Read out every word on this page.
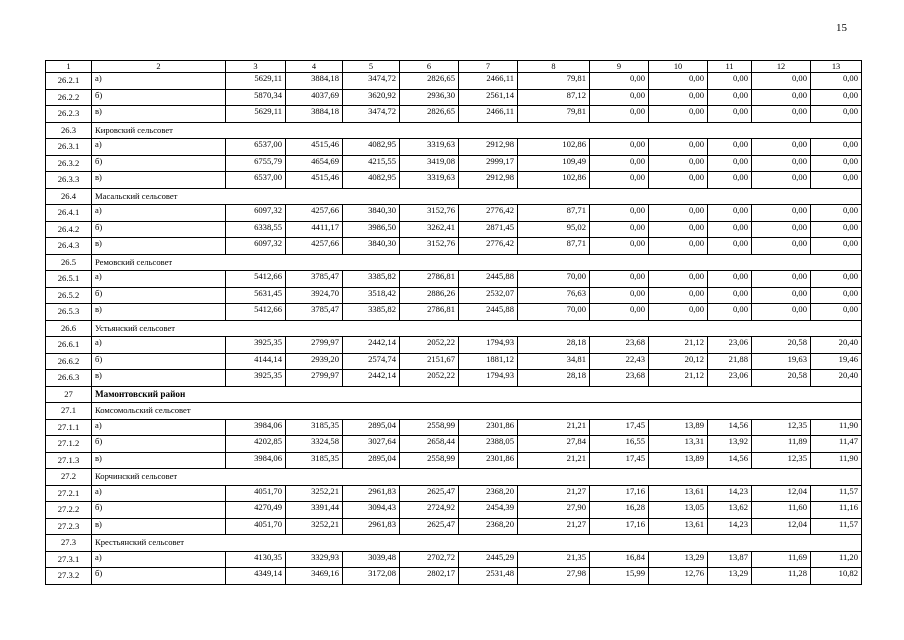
15
1	2	3	4	5	6	7	8	9	10	11	12	13
26.2.1	а)	5629,11	3884,18	3474,72	2826,65	2466,11	79,81	0,00	0,00	0,00	0,00	0,00
26.2.2	б)	5870,34	4037,69	3620,92	2936,30	2561,14	87,12	0,00	0,00	0,00	0,00	0,00
26.2.3	в)	5629,11	3884,18	3474,72	2826,65	2466,11	79,81	0,00	0,00	0,00	0,00	0,00
26.3	Кировский сельсовет											
26.3.1	а)	6537,00	4515,46	4082,95	3319,63	2912,98	102,86	0,00	0,00	0,00	0,00	0,00
26.3.2	б)	6755,79	4654,69	4215,55	3419,08	2999,17	109,49	0,00	0,00	0,00	0,00	0,00
26.3.3	в)	6537,00	4515,46	4082,95	3319,63	2912,98	102,86	0,00	0,00	0,00	0,00	0,00
26.4	Масальский сельсовет											
26.4.1	а)	6097,32	4257,66	3840,30	3152,76	2776,42	87,71	0,00	0,00	0,00	0,00	0,00
26.4.2	б)	6338,55	4411,17	3986,50	3262,41	2871,45	95,02	0,00	0,00	0,00	0,00	0,00
26.4.3	в)	6097,32	4257,66	3840,30	3152,76	2776,42	87,71	0,00	0,00	0,00	0,00	0,00
26.5	Ремовский сельсовет											
26.5.1	а)	5412,66	3785,47	3385,82	2786,81	2445,88	70,00	0,00	0,00	0,00	0,00	0,00
26.5.2	б)	5631,45	3924,70	3518,42	2886,26	2532,07	76,63	0,00	0,00	0,00	0,00	0,00
26.5.3	в)	5412,66	3785,47	3385,82	2786,81	2445,88	70,00	0,00	0,00	0,00	0,00	0,00
26.6	Устьянский сельсовет											
26.6.1	а)	3925,35	2799,97	2442,14	2052,22	1794,93	28,18	23,68	21,12	23,06	20,58	20,40
26.6.2	б)	4144,14	2939,20	2574,74	2151,67	1881,12	34,81	22,43	20,12	21,88	19,63	19,46
26.6.3	в)	3925,35	2799,97	2442,14	2052,22	1794,93	28,18	23,68	21,12	23,06	20,58	20,40
27	Мамонтовский район											
27.1	Комсомольский сельсовет											
27.1.1	а)	3984,06	3185,35	2895,04	2558,99	2301,86	21,21	17,45	13,89	14,56	12,35	11,90
27.1.2	б)	4202,85	3324,58	3027,64	2658,44	2388,05	27,84	16,55	13,31	13,92	11,89	11,47
27.1.3	в)	3984,06	3185,35	2895,04	2558,99	2301,86	21,21	17,45	13,89	14,56	12,35	11,90
27.2	Корчинский сельсовет											
27.2.1	а)	4051,70	3252,21	2961,83	2625,47	2368,20	21,27	17,16	13,61	14,23	12,04	11,57
27.2.2	б)	4270,49	3391,44	3094,43	2724,92	2454,39	27,90	16,28	13,05	13,62	11,60	11,16
27.2.3	в)	4051,70	3252,21	2961,83	2625,47	2368,20	21,27	17,16	13,61	14,23	12,04	11,57
27.3	Крестьянский сельсовет											
27.3.1	а)	4130,35	3329,93	3039,48	2702,72	2445,29	21,35	16,84	13,29	13,87	11,69	11,20
27.3.2	б)	4349,14	3469,16	3172,08	2802,17	2531,48	27,98	15,99	12,76	13,29	11,28	10,82
